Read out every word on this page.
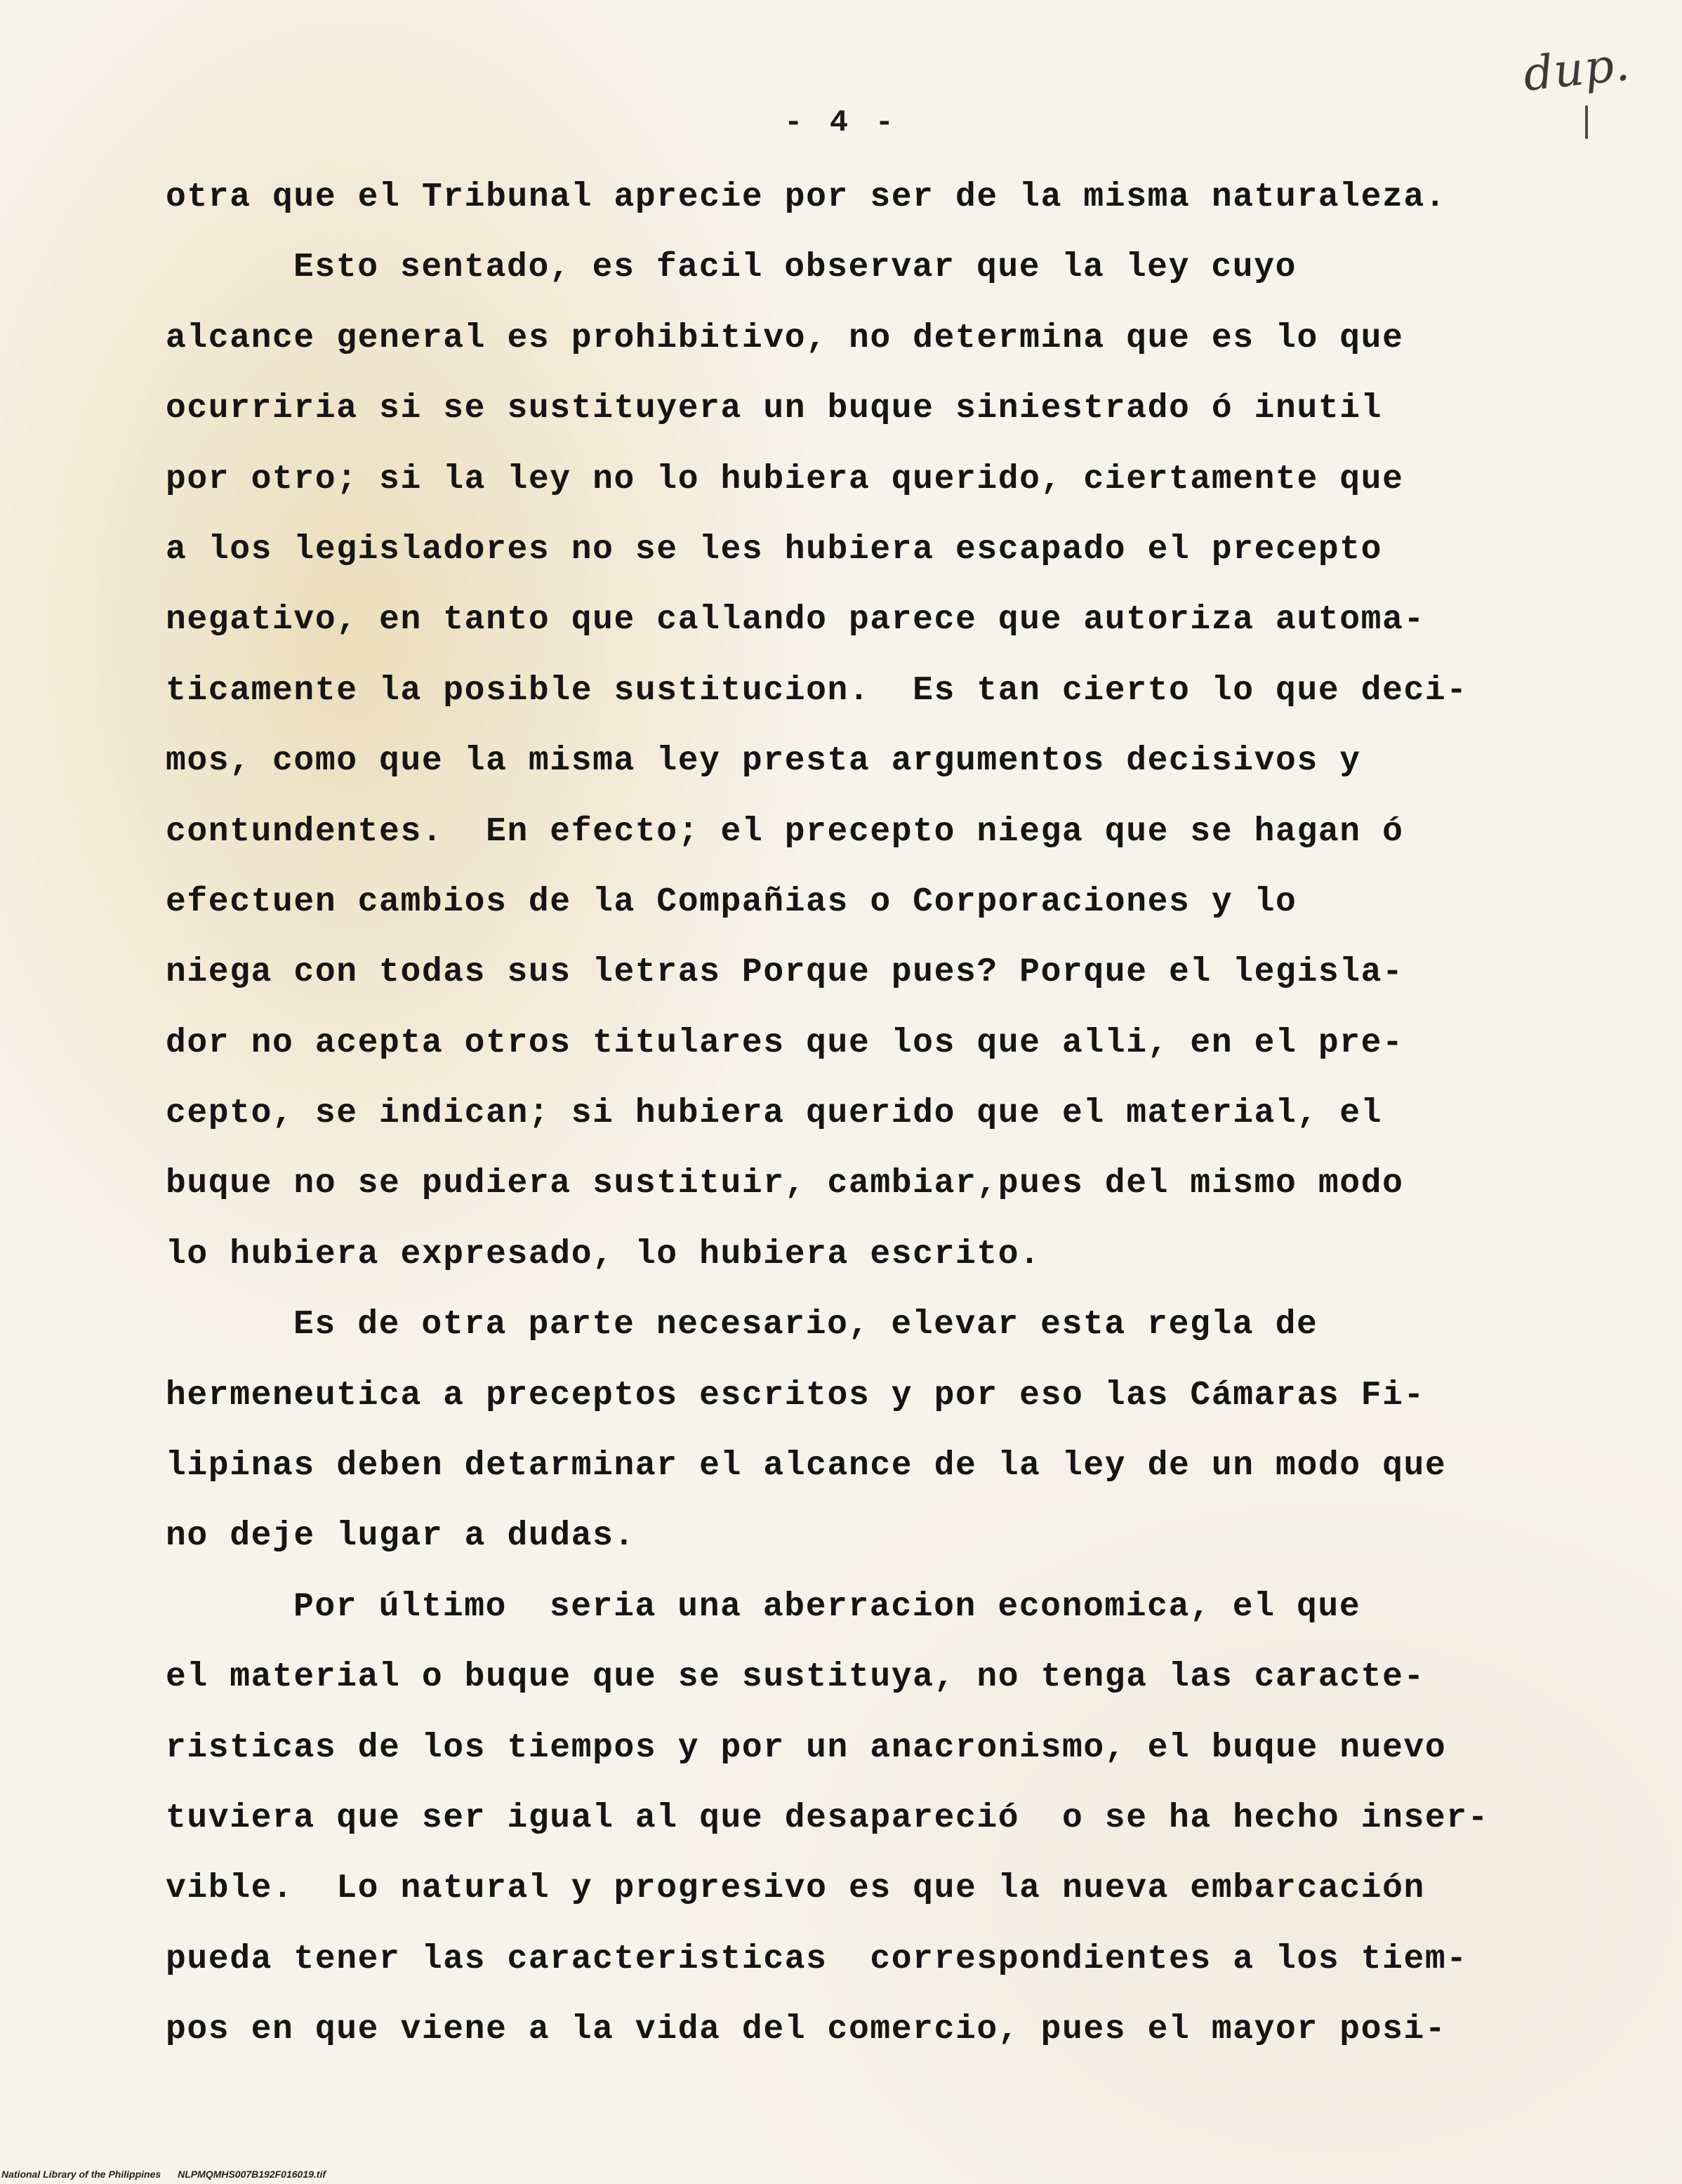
dup.
- 4 -
otra que el Tribunal aprecie por ser de la misma naturaleza.
Esto sentado, es facil observar que la ley cuyo
alcance general es prohibitivo, no determina que es lo que
ocurriria si se sustituyera un buque siniestrado ó inutil
por otro; si la ley no lo hubiera querido, ciertamente que
a los legisladores no se les hubiera escapado el precepto
negativo, en tanto que callando parece que autoriza automa-
ticamente la posible sustitucion.  Es tan cierto lo que deci-
mos, como que la misma ley presta argumentos decisivos y
contundentes.  En efecto; el precepto niega que se hagan ó
efectuen cambios de la Compañias o Corporaciones y lo
niega con todas sus letras Porque pues? Porque el legisla-
dor no acepta otros titulares que los que alli, en el pre-
cepto, se indican; si hubiera querido que el material, el
buque no se pudiera sustituir, cambiar,pues del mismo modo
lo hubiera expresado, lo hubiera escrito.
Es de otra parte necesario, elevar esta regla de
hermeneutica a preceptos escritos y por eso las Cámaras Fi-
lipinas deben detarminar el alcance de la ley de un modo que
no deje lugar a dudas.
Por último  seria una aberracion economica, el que
el material o buque que se sustituya, no tenga las caracte-
risticas de los tiempos y por un anacronismo, el buque nuevo
tuviera que ser igual al que desapareció  o se ha hecho inser-
vible.  Lo natural y progresivo es que la nueva embarcación
pueda tener las caracteristicas  correspondientes a los tiem-
pos en que viene a la vida del comercio, pues el mayor posi-
National Library of the Philippines NLPMQMHS007B192F016019.tif
